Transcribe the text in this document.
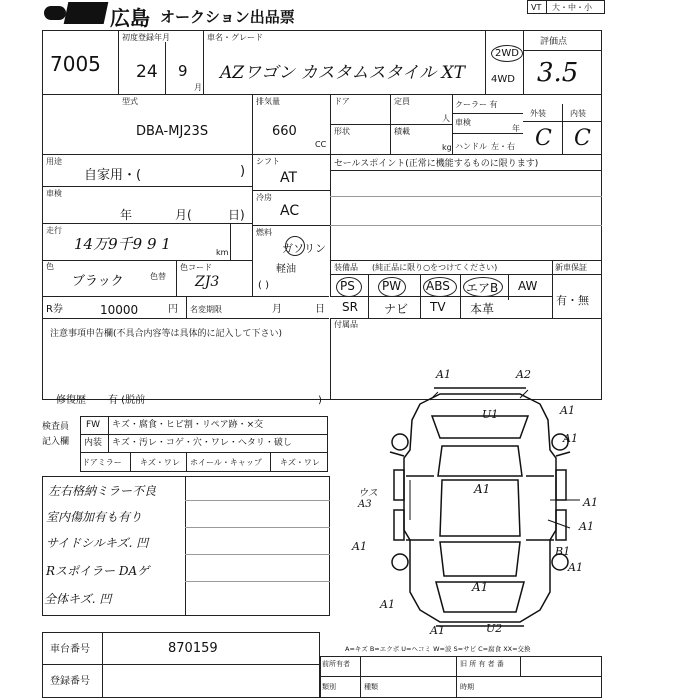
広島 オークション出品票
VT 大・中・小
7005
初度登録年月
24 9
月
車名・グレード
AZワゴン カスタムスタイル XT
2WD
4WD
評価点
3.5
型式
DBA-MJ23S
排気量
660
CC
ドア	定員
人
形状	積載
kg
クーラー 有
車検
年
ハンドル 左・右
外装	内装
C C
用途
自家用・(	)
車検
年	月(	日)
走行
14万9千9 9 1	km
色
ブラック	色替
色コード
ZJ3
シフト
AT
冷房
AC
燃料
ガソリン
軽油
( )
セールスポイント(正常に機能するものに限ります)
装備品 (純正品に限り○をつけてください)	新車保証
PS PW ABS エアB AW
SR ナビ TV 本革
有・無
付属品
R券	10000	円 名変期限	月	日
注意事項申告欄(不具合内容等は具体的に記入して下さい)
修復歴 有 (脱前	)
検査員記入欄
FW キズ・腐食・ヒビ割・リペア跡・×交
内装 キズ・汚レ・コゲ・穴・ワレ・ヘタリ・破し
ドアミラー キズ・ワレ ホイール・キャップ キズ・ワレ
左右格納ミラー不良
室内傷加有も有り
サイドシルキズ. 凹
Rスポイラー DAゲ
全体キズ. 凹
A1	A2
A1
U1
A1
A1
ウス
A3	A1
A1
A1	B1
A1
A1
A1
U2
A1
A=キズ B=エクボ U=ヘコミ W=波 S=サビ C=腐食 XX=交換
車台番号	870159
登録番号
前所有者	旧 所 有 者 番
類別	種類	時期
